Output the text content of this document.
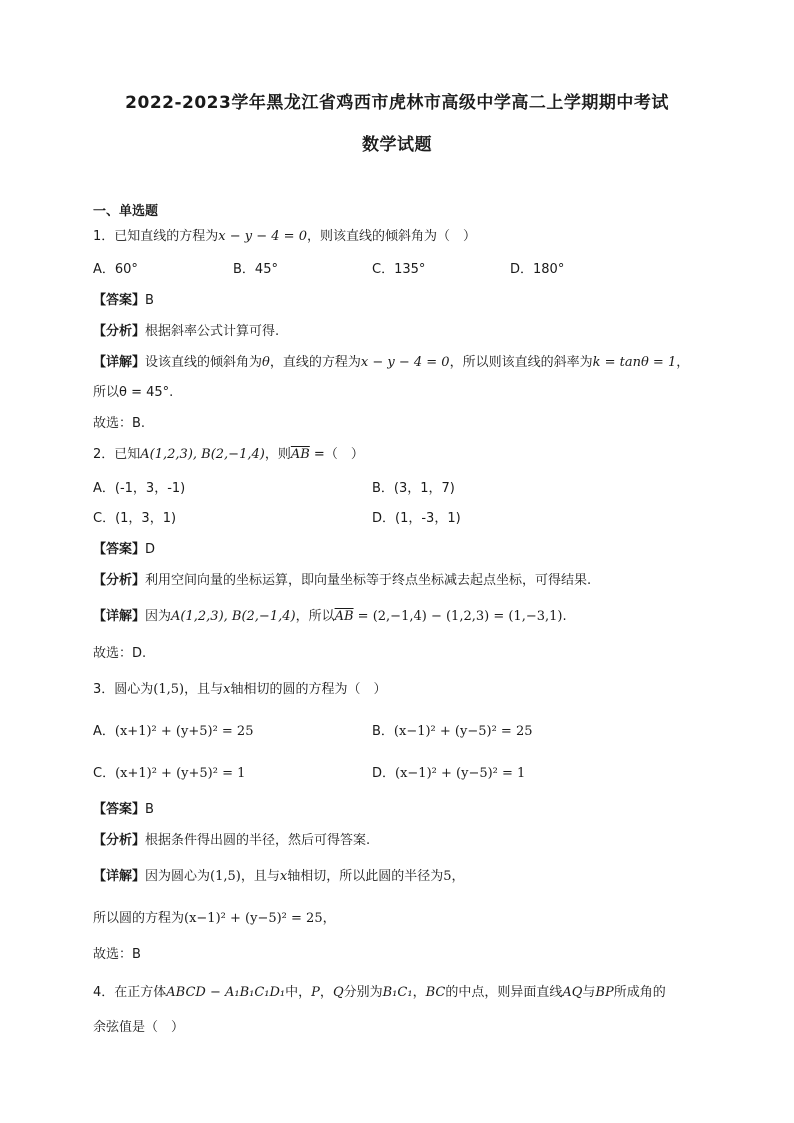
2022-2023学年黑龙江省鸡西市虎林市高级中学高二上学期期中考试
数学试题
一、单选题
1．已知直线的方程为x − y − 4 = 0，则该直线的倾斜角为（　）
A．60°	B．45°	C．135°	D．180°
【答案】B
【分析】根据斜率公式计算可得.
【详解】设该直线的倾斜角为θ，直线的方程为x − y − 4 = 0，所以则该直线的斜率为k = tanθ = 1，
所以θ = 45°.
故选：B.
2．已知A(1,2,3), B(2,−1,4)，则$\overline{AB}$ =（　）
A．(-1，3，-1)	B．(3，1，7)
C．(1，3，1)	D．(1，-3，1)
【答案】D
【分析】利用空间向量的坐标运算，即向量坐标等于终点坐标减去起点坐标，可得结果.
【详解】因为A(1,2,3), B(2,−1,4)，所以$\overline{AB} = (2,-1,4) - (1,2,3) = (1,-3,1)$.
故选：D.
3．圆心为(1,5)，且与x轴相切的圆的方程为（　）
A．(x+1)² + (y+5)² = 25	B．(x−1)² + (y−5)² = 25
C．(x+1)² + (y+5)² = 1	D．(x−1)² + (y−5)² = 1
【答案】B
【分析】根据条件得出圆的半径，然后可得答案.
【详解】因为圆心为(1,5)，且与x轴相切，所以此圆的半径为5，
所以圆的方程为(x−1)² + (y−5)² = 25，
故选：B
4．在正方体ABCD − A₁B₁C₁D₁中，P，Q分别为B₁C₁，BC的中点，则异面直线AQ与BP所成角的
余弦值是（　）
